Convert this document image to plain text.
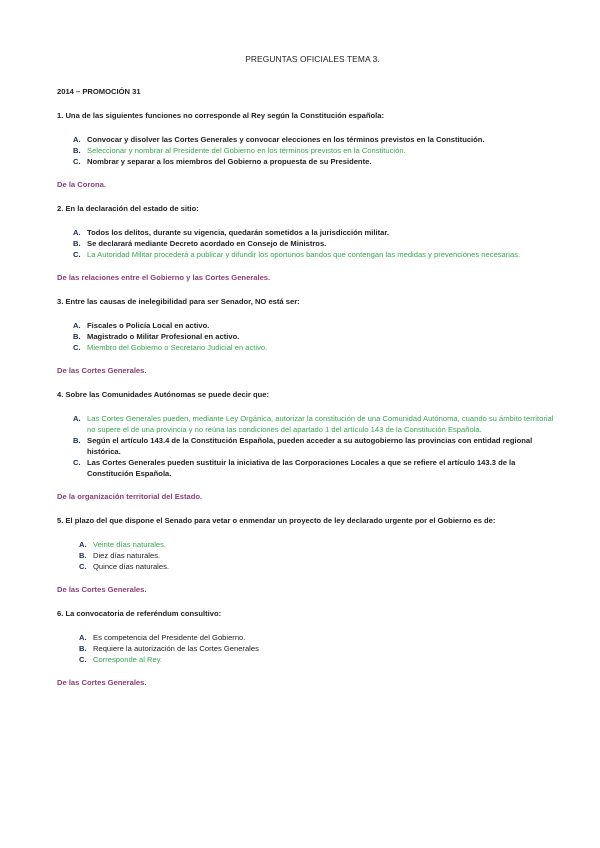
PREGUNTAS OFICIALES TEMA 3.
2014 – PROMOCIÓN 31
1. Una de las siguientes funciones no corresponde al Rey según la Constitución española:
A. Convocar y disolver las Cortes Generales y convocar elecciones en los términos previstos en la Constitución.
B. Seleccionar y nombrar al Presidente del Gobierno en los términos previstos en la Constitución.
C. Nombrar y separar a los miembros del Gobierno a propuesta de su Presidente.
De la Corona.
2. En la declaración del estado de sitio:
A. Todos los delitos, durante su vigencia, quedarán sometidos a la jurisdicción militar.
B. Se declarará mediante Decreto acordado en Consejo de Ministros.
C. La Autoridad Militar procederá a publicar y difundir los oportunos bandos que contengan las medidas y prevenciones necesarias.
De las relaciones entre el Gobierno y las Cortes Generales.
3. Entre las causas de inelegibilidad para ser Senador, NO está ser:
A. Fiscales o Policía Local en activo.
B. Magistrado o Militar Profesional en activo.
C. Miembro del Gobierno o Secretario Judicial en activo.
De las Cortes Generales.
4. Sobre las Comunidades Autónomas se puede decir que:
A. Las Cortes Generales pueden, mediante Ley Orgánica, autorizar la constitución de una Comunidad Autónoma, cuando su ámbito territorial no supere el de una provincia y no reúna las condiciones del apartado 1 del artículo 143 de la Constitución Española.
B. Según el artículo 143.4 de la Constitución Española, pueden acceder a su autogobierno las provincias con entidad regional histórica.
C. Las Cortes Generales pueden sustituir la iniciativa de las Corporaciones Locales a que se refiere el artículo 143.3 de la Constitución Española.
De la organización territorial del Estado.
5. El plazo del que dispone el Senado para vetar o enmendar un proyecto de ley declarado urgente por el Gobierno es de:
A. Veinte días naturales.
B. Diez días naturales.
C. Quince días naturales.
De las Cortes Generales.
6. La convocatoria de referéndum consultivo:
A. Es competencia del Presidente del Gobierno.
B. Requiere la autorización de las Cortes Generales
C. Corresponde al Rey.
De las Cortes Generales.
